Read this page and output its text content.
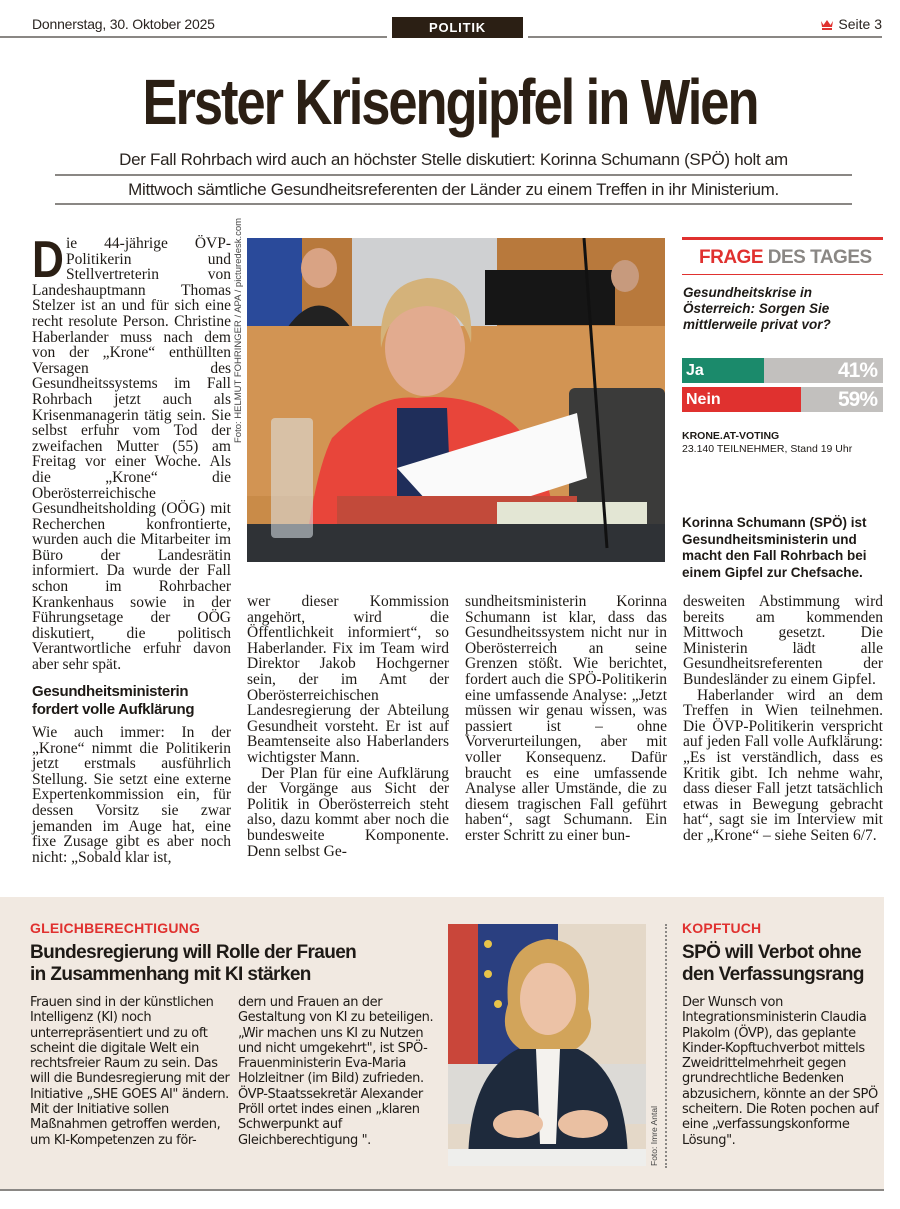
Donnerstag, 30. Oktober 2025	POLITIK	Seite 3
Erster Krisengipfel in Wien
Der Fall Rohrbach wird auch an höchster Stelle diskutiert: Korinna Schumann (SPÖ) holt am
Mittwoch sämtliche Gesundheitsreferenten der Länder zu einem Treffen in ihr Ministerium.
D ie 44-jährige ÖVP-Politikerin und Stellvertreterin von Landeshauptmann Thomas Stelzer ist an und für sich eine recht resolute Person. Christine Haberlander muss nach dem von der „Krone“ enthüllten Versagen des Gesundheitssystems im Fall Rohrbach jetzt auch als Krisenmanagerin tätig sein. Sie selbst erfuhr vom Tod der zweifachen Mutter (55) am Freitag vor einer Woche. Als die „Krone“ die Oberösterreichische Gesundheitsholding (OÖG) mit Recherchen konfrontierte, wurden auch die Mitarbeiter im Büro der Landesrätin informiert. Da wurde der Fall schon im Rohrbacher Krankenhaus sowie in der Führungsetage der OÖG diskutiert, die politisch Verantwortliche erfuhr davon aber sehr spät.

Gesundheitsministerin fordert volle Aufklärung

Wie auch immer: In der „Krone“ nimmt die Politikerin jetzt erstmals ausführlich Stellung. Sie setzt eine externe Expertenkommission ein, für dessen Vorsitz sie zwar jemanden im Auge hat, eine fixe Zusage gibt es aber noch nicht: „Sobald klar ist,

Foto: HELMUT FOHRINGER / APA / picturedesk.com

wer dieser Kommission angehört, wird die Öffentlichkeit informiert“, so Haberlander. Fix im Team wird Direktor Jakob Hochgerner sein, der im Amt der Oberösterreichischen Landesregierung der Abteilung Gesundheit vorsteht. Er ist auf Beamtenseite also Haberlanders wichtigster Mann.

Der Plan für eine Aufklärung der Vorgänge aus Sicht der Politik in Oberösterreich steht also, dazu kommt aber noch die bundesweite Komponente. Denn selbst Ge-

sundheitsministerin Korinna Schumann ist klar, dass das Gesundheitssystem nicht nur in Oberösterreich an seine Grenzen stößt. Wie berichtet, fordert auch die SPÖ-Politikerin eine umfassende Analyse: „Jetzt müssen wir genau wissen, was passiert ist – ohne Vorverurteilungen, aber mit voller Konsequenz. Dafür braucht es eine umfassende Analyse aller Umstände, die zu diesem tragischen Fall geführt haben“, sagt Schumann. Ein erster Schritt zu einer bun-

desweiten Abstimmung wird bereits am kommenden Mittwoch gesetzt. Die Ministerin lädt alle Gesundheitsreferenten der Bundesländer zu einem Gipfel.

Haberlander wird an dem Treffen in Wien teilnehmen. Die ÖVP-Politikerin verspricht auf jeden Fall volle Aufklärung: „Es ist verständlich, dass es Kritik gibt. Ich nehme wahr, dass dieser Fall jetzt tatsächlich etwas in Bewegung gebracht hat“, sagt sie im Interview mit der „Krone“ – siehe Seiten 6/7.

FRAGE DES TAGES
Gesundheitskrise in Österreich: Sorgen Sie mittlerweile privat vor?
Ja	41%
Nein	59%
KRONE.AT-VOTING
23.140 TEILNEHMER, Stand 19 Uhr
Korinna Schumann (SPÖ) ist Gesundheitsministerin und macht den Fall Rohrbach bei einem Gipfel zur Chefsache.
GLEICHBERECHTIGUNG
Bundesregierung will Rolle der Frauen
in Zusammenhang mit KI stärken
Frauen sind in der künstlichen Intelligenz (KI) noch unterrepräsentiert und zu oft scheint die digitale Welt ein rechtsfreier Raum zu sein. Das will die Bundesregierung mit der Initiative „SHE GOES AI" ändern. Mit der Initiative sollen Maßnahmen getroffen werden, um KI-Kompetenzen zu för-
dern und Frauen an der Gestaltung von KI zu beteiligen. „Wir machen uns KI zu Nutzen und nicht umgekehrt", ist SPÖ-Frauenministerin Eva-Maria Holzleitner (im Bild) zufrieden. ÖVP-Staatssekretär Alexander Pröll ortet indes einen „klaren Schwerpunkt auf Gleichberechtigung ".	Foto: Imre Antal
KOPFTUCH
SPÖ will Verbot ohne
den Verfassungsrang
Der Wunsch von Integrationsministerin Claudia Plakolm (ÖVP), das geplante Kinder-Kopftuchverbot mittels Zweidrittelmehrheit gegen grundrechtliche Bedenken abzusichern, könnte an der SPÖ scheitern. Die Roten pochen auf eine „verfassungskonforme Lösung".
